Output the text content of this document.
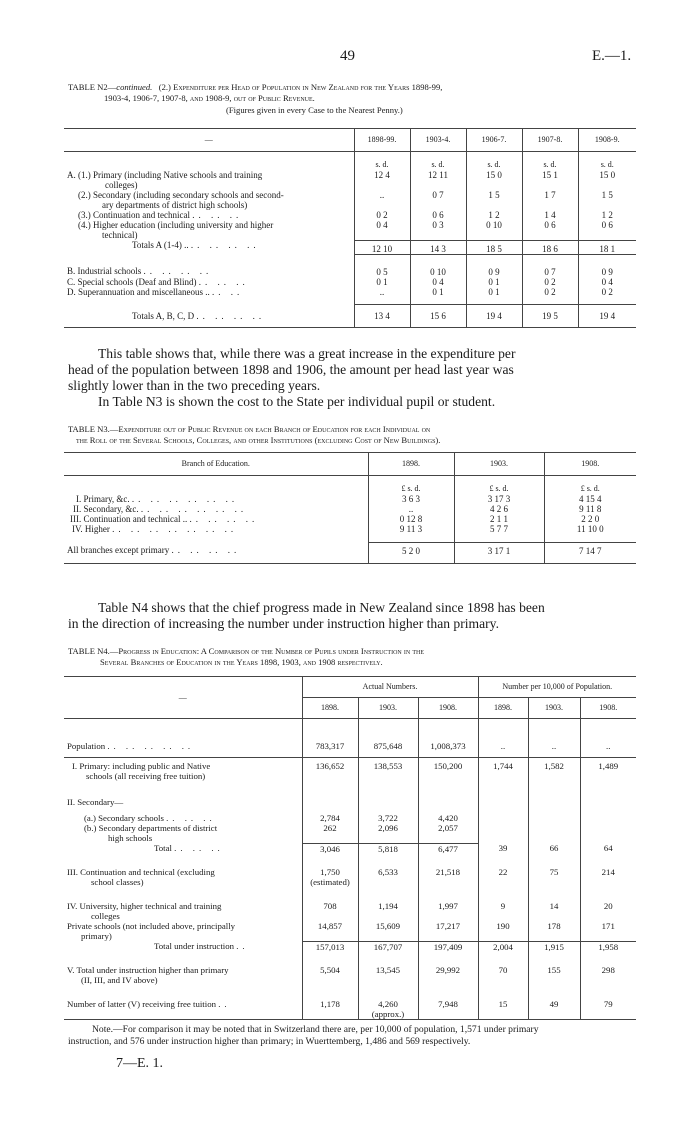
49	E.—1.
TABLE N2—continued. (2.) Expenditure per Head of Population in New Zealand for the Years 1898-99,
1903-4, 1906-7, 1907-8, and 1908-9, out of Public Revenue.
(Figures given in every Case to the Nearest Penny.)
—	1898-99.	1903-4.	1906-7.	1907-8.	1908-9.
	s. d.	s. d.	s. d.	s. d.	s. d.
A. (1.) Primary (including Native schools and training
colleges)	12 4	12 11	15 0	15 1	15 0
(2.) Secondary (including secondary schools and second-
ary departments of district high schools)	..	0 7	1 5	1 7	1 5
(3.) Continuation and technical .. .. ..	0 2	0 6	1 2	1 4	1 2
(4.) Higher education (including university and higher
technical)	0 4	0 3	0 10	0 6	0 6
Totals A (1-4) .. .. .. .. ..	12 10	14 3	18 5	18 6	18 1
B. Industrial schools .. .. .. ..	0 5	0 10	0 9	0 7	0 9
C. Special schools (Deaf and Blind) .. .. ..	0 1	0 4	0 1	0 2	0 4
D. Superannuation and miscellaneous .. .. ..	..	0 1	0 1	0 2	0 2
Totals A, B, C, D .. .. .. ..	13 4	15 6	19 4	19 5	19 4
This table shows that, while there was a great increase in the expenditure per
head of the population between 1898 and 1906, the amount per head last year was
slightly lower than in the two preceding years.
In Table N3 is shown the cost to the State per individual pupil or student.
TABLE N3.—Expenditure out of Public Revenue on each Branch of Education for each Individual on
the Roll of the Several Schools, Colleges, and other Institutions (excluding Cost of New Buildings).
Branch of Education.	1898.	1903.	1908.
	£ s. d.	£ s. d.	£ s. d.
I. Primary, &c. .. .. .. .. .. ..	3 6 3	3 17 3	4 15 4
II. Secondary, &c. .. .. .. .. .. ..	..	4 2 6	9 11 8
III. Continuation and technical .. .. .. .. ..	0 12 8	2 1 1	2 2 0
IV. Higher .. .. .. .. .. .. ..	9 11 3	5 7 7	11 10 0
All branches except primary .. .. .. ..	5 2 0	3 17 1	7 14 7
Table N4 shows that the chief progress made in New Zealand since 1898 has been
in the direction of increasing the number under instruction higher than primary.
TABLE N4.—Progress in Education: A Comparison of the Number of Pupils under Instruction in the
Several Branches of Education in the Years 1898, 1903, and 1908 respectively.
—	Actual Numbers.			Number per 10,000 of Population.		
	1898.	1903.	1908.	1898.	1903.	1908.
Population .. .. .. .. ..	783,317	875,648	1,008,373	..	..	..
I. Primary: including public and Native
schools (all receiving free tuition)	136,652	138,553	150,200	1,744	1,582	1,489
II. Secondary—						
(a.) Secondary schools .. .. ..	2,784	3,722	4,420			
(b.) Secondary departments of district
high schools	262	2,096	2,057			
Total .. .. ..	3,046	5,818	6,477	39	66	64
III. Continuation and technical (excluding
school classes)	1,750
(estimated)	6,533	21,518	22	75	214
IV. University, higher technical and training
colleges	708	1,194	1,997	9	14	20
Private schools (not included above, principally
primary)	14,857	15,609	17,217	190	178	171
Total under instruction ..	157,013	167,707	197,409	2,004	1,915	1,958
V. Total under instruction higher than primary
(II, III, and IV above)	5,504	13,545	29,992	70	155	298
Number of latter (V) receiving free tuition ..	1,178	4,260
(approx.)	7,948	15	49	79
Note.—For comparison it may be noted that in Switzerland there are, per 10,000 of population, 1,571 under primary
instruction, and 576 under instruction higher than primary; in Wuerttemberg, 1,486 and 569 respectively.
7—E. 1.
